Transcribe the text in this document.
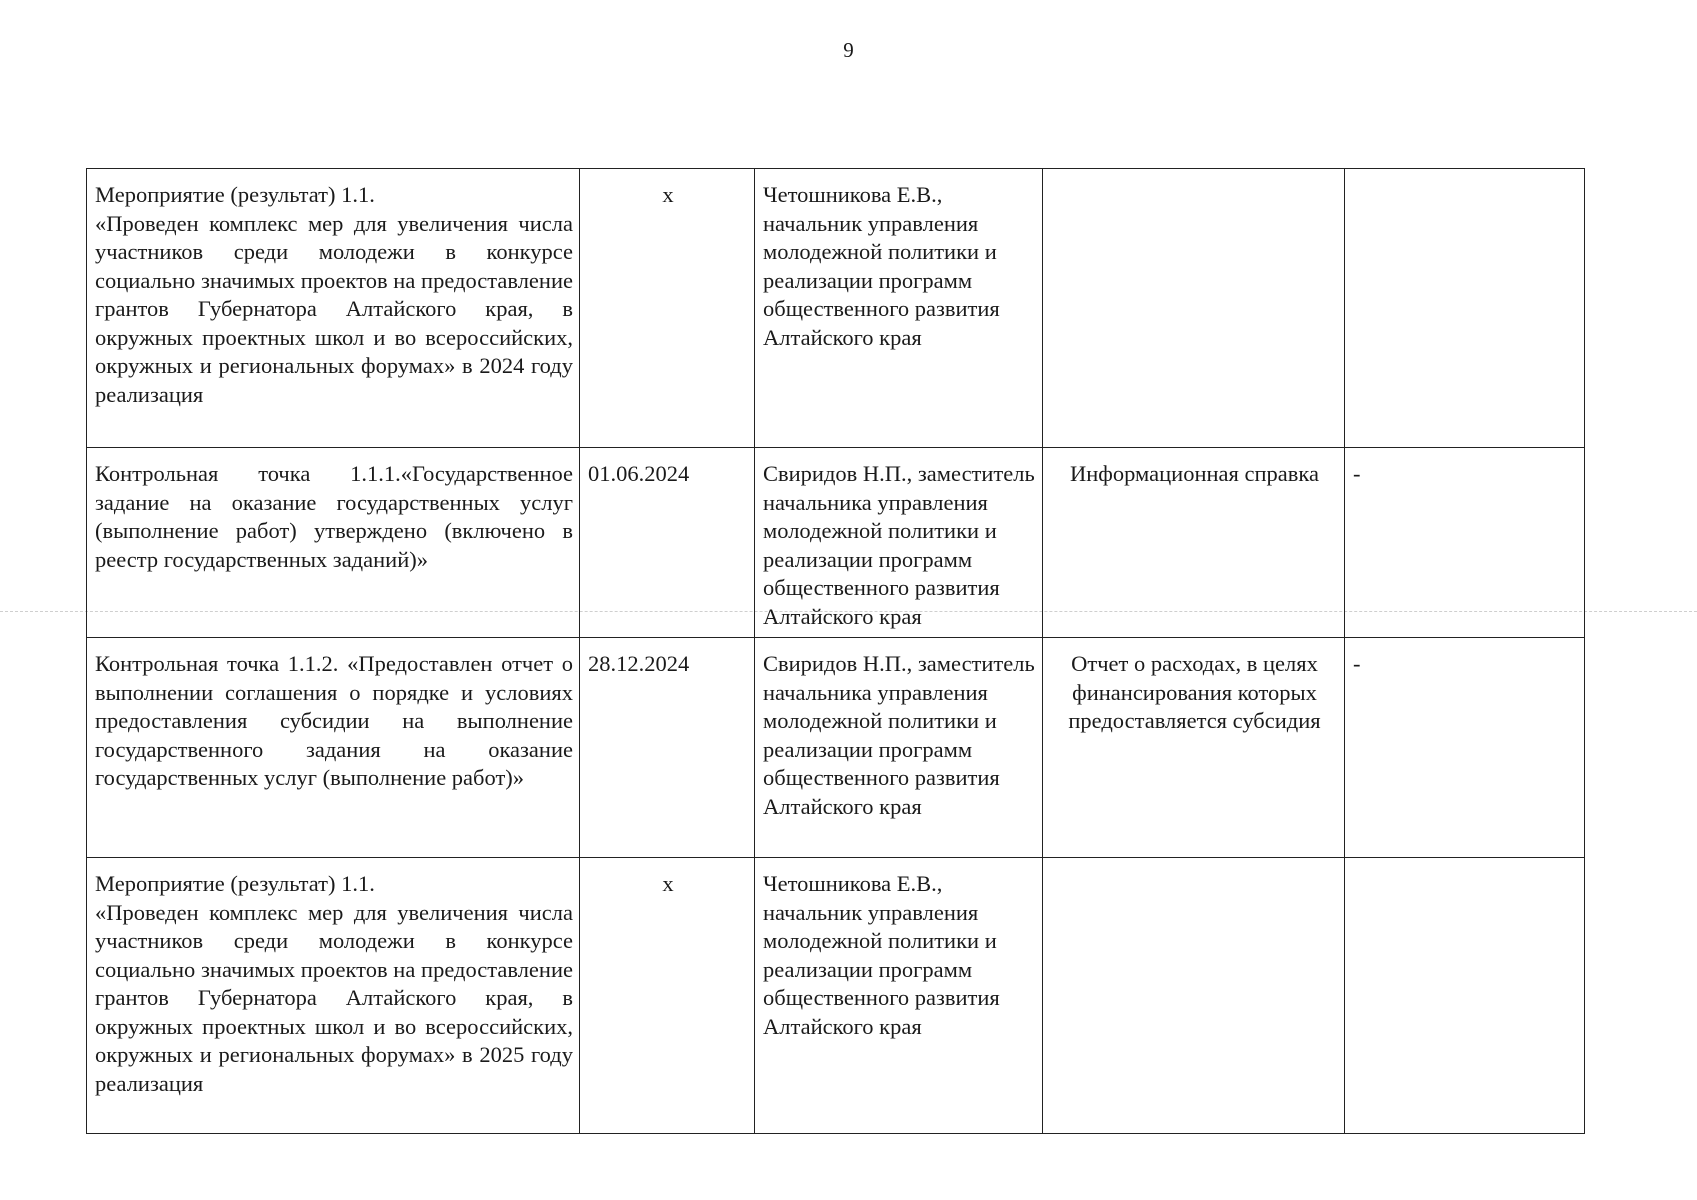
9
Мероприятие (результат) 1.1.
«Проведен комплекс мер для увеличения числа участников среди молодежи в конкурсе социально значимых проектов на предоставление грантов Губернатора Алтайского края, в окружных проектных школ и во всероссийских, окружных и региональных форумах» в 2024 году реализация	х	Четошникова Е.В., начальник управления молодежной политики и реализации программ общественного развития Алтайского края		

Контрольная точка 1.1.1.«Государственное задание на оказание государственных услуг (выполнение работ) утверждено (включено в реестр государственных заданий)»	01.06.2024	Свиридов Н.П., заместитель начальника управления молодежной политики и реализации программ общественного развития Алтайского края	Информационная справка	-

Контрольная точка 1.1.2. «Предоставлен отчет о выполнении соглашения о порядке и условиях предоставления субсидии на выполнение государственного задания на оказание государственных услуг (выполнение работ)»	28.12.2024	Свиридов Н.П., заместитель начальника управления молодежной политики и реализации программ общественного развития Алтайского края	Отчет о расходах, в целях финансирования которых предоставляется субсидия	-

Мероприятие (результат) 1.1.
«Проведен комплекс мер для увеличения числа участников среди молодежи в конкурсе социально значимых проектов на предоставление грантов Губернатора Алтайского края, в окружных проектных школ и во всероссийских, окружных и региональных форумах» в 2025 году реализация	х	Четошникова Е.В., начальник управления молодежной политики и реализации программ общественного развития Алтайского края		
